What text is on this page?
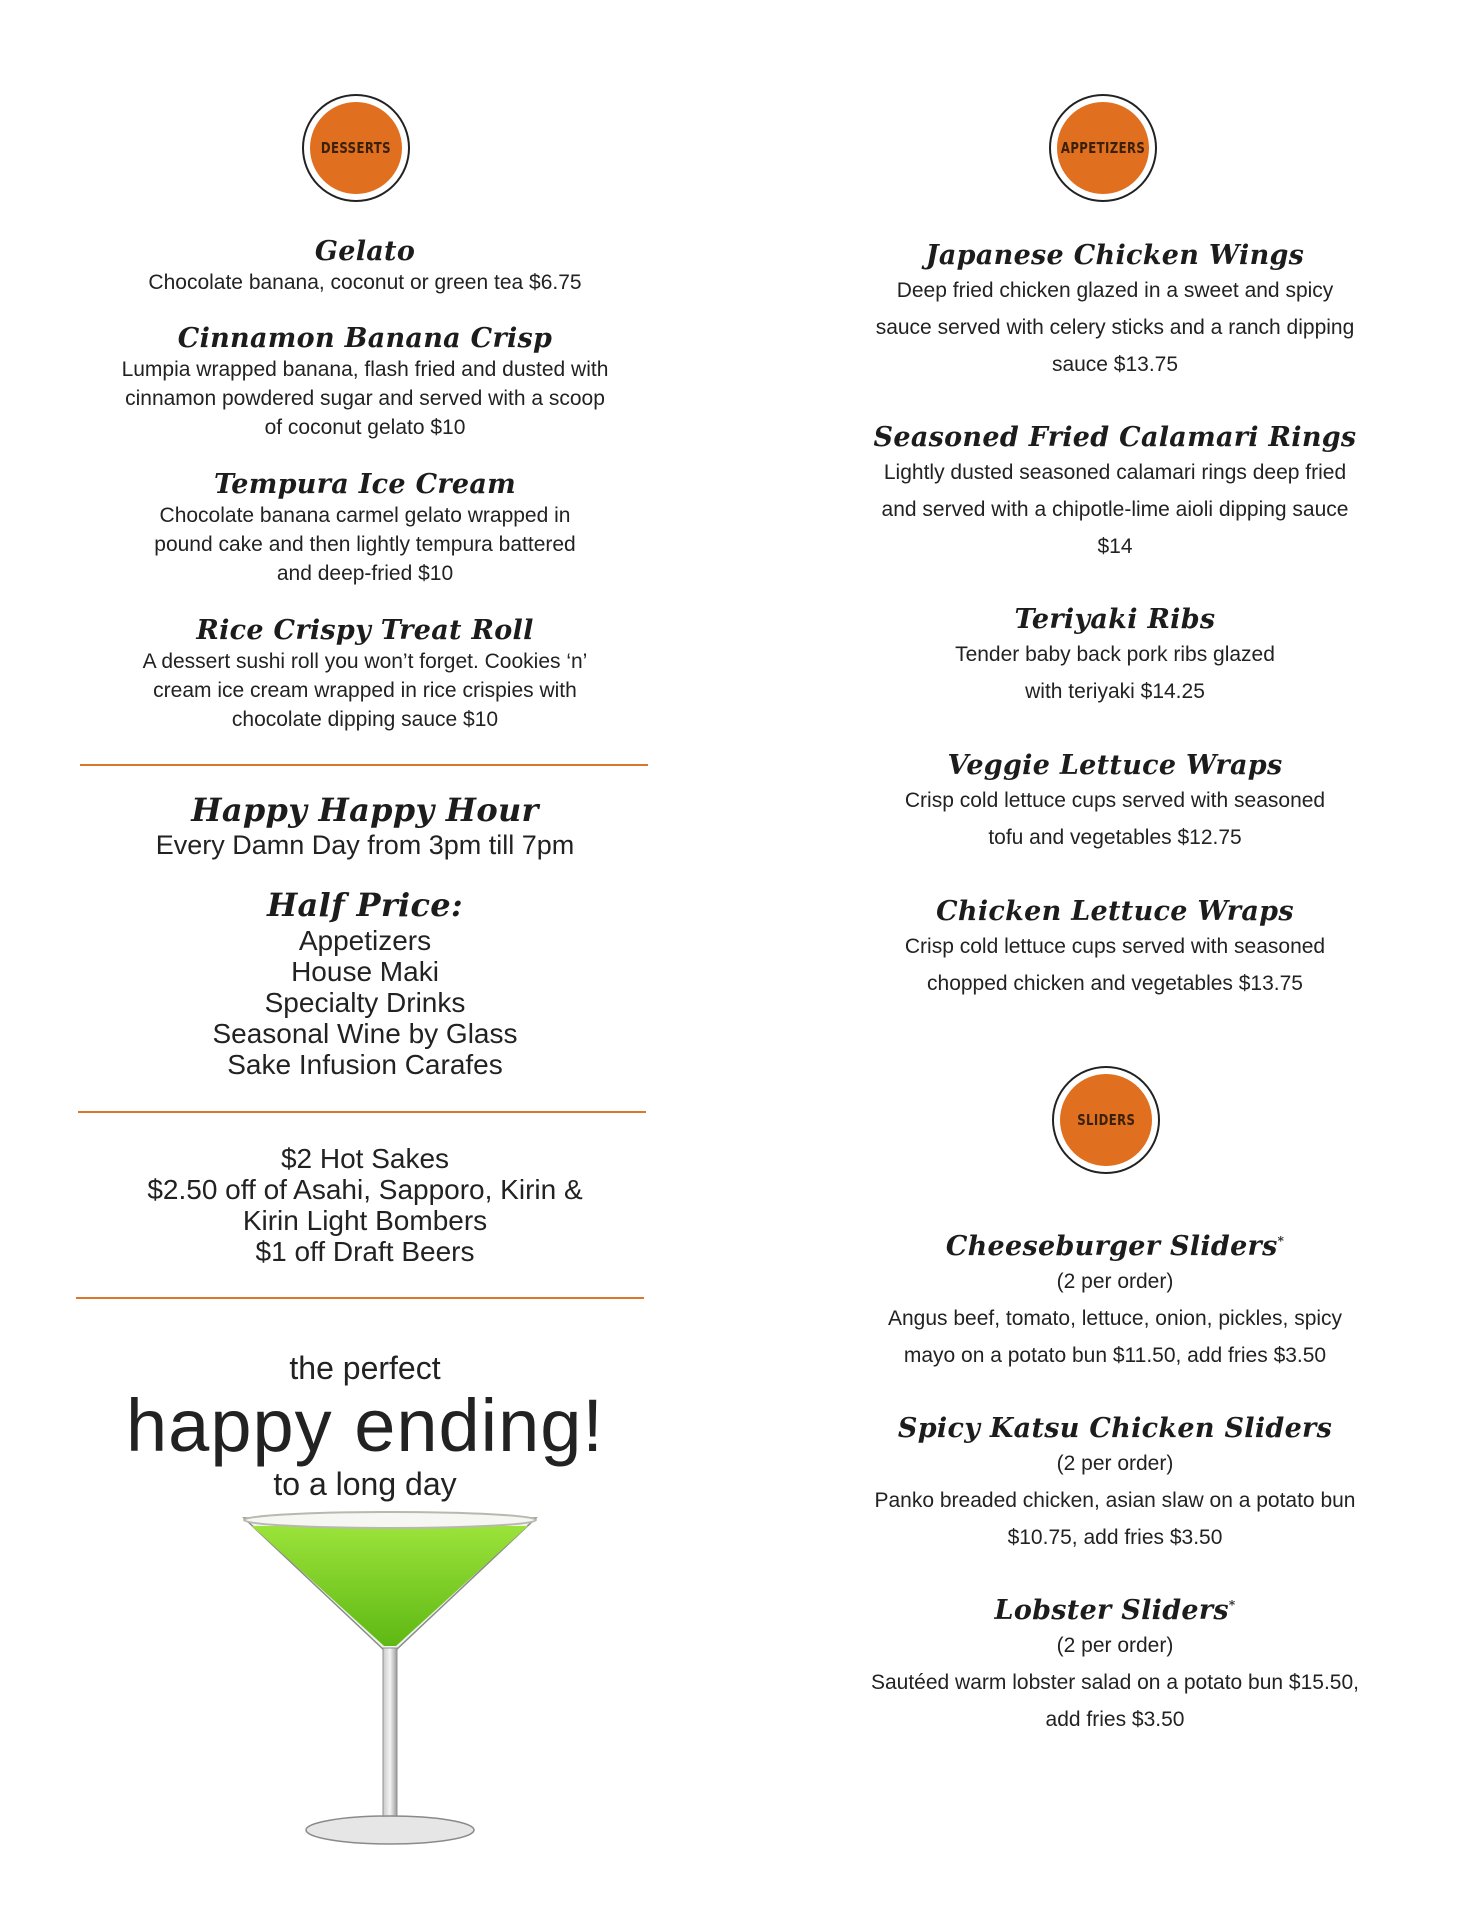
DESSERTS
Gelato
Chocolate banana, coconut or green tea $6.75
Cinnamon Banana Crisp
Lumpia wrapped banana, flash fried and dusted with
cinnamon powdered sugar and served with a scoop
of coconut gelato $10
Tempura Ice Cream
Chocolate banana carmel gelato wrapped in
pound cake and then lightly tempura battered
and deep-fried $10
Rice Crispy Treat Roll
A dessert sushi roll you won’t forget. Cookies ‘n’
cream ice cream wrapped in rice crispies with
chocolate dipping sauce $10
Happy Happy Hour
Every Damn Day from 3pm till 7pm
Half Price:
Appetizers
House Maki
Specialty Drinks
Seasonal Wine by Glass
Sake Infusion Carafes
$2 Hot Sakes
$2.50 off of Asahi, Sapporo, Kirin &
Kirin Light Bombers
$1 off Draft Beers
the perfect
happy ending!
to a long day
APPETIZERS
Japanese Chicken Wings
Deep fried chicken glazed in a sweet and spicy
sauce served with celery sticks and a ranch dipping
sauce $13.75
Seasoned Fried Calamari Rings
Lightly dusted seasoned calamari rings deep fried
and served with a chipotle-lime aioli dipping sauce
$14
Teriyaki Ribs
Tender baby back pork ribs glazed
with teriyaki $14.25
Veggie Lettuce Wraps
Crisp cold lettuce cups served with seasoned
tofu and vegetables $12.75
Chicken Lettuce Wraps
Crisp cold lettuce cups served with seasoned
chopped chicken and vegetables $13.75
SLIDERS
Cheeseburger Sliders*
(2 per order)
Angus beef, tomato, lettuce, onion, pickles, spicy
mayo on a potato bun $11.50, add fries $3.50
Spicy Katsu Chicken Sliders
(2 per order)
Panko breaded chicken, asian slaw on a potato bun
$10.75, add fries $3.50
Lobster Sliders*
(2 per order)
Sautéed warm lobster salad on a potato bun $15.50,
add fries $3.50
